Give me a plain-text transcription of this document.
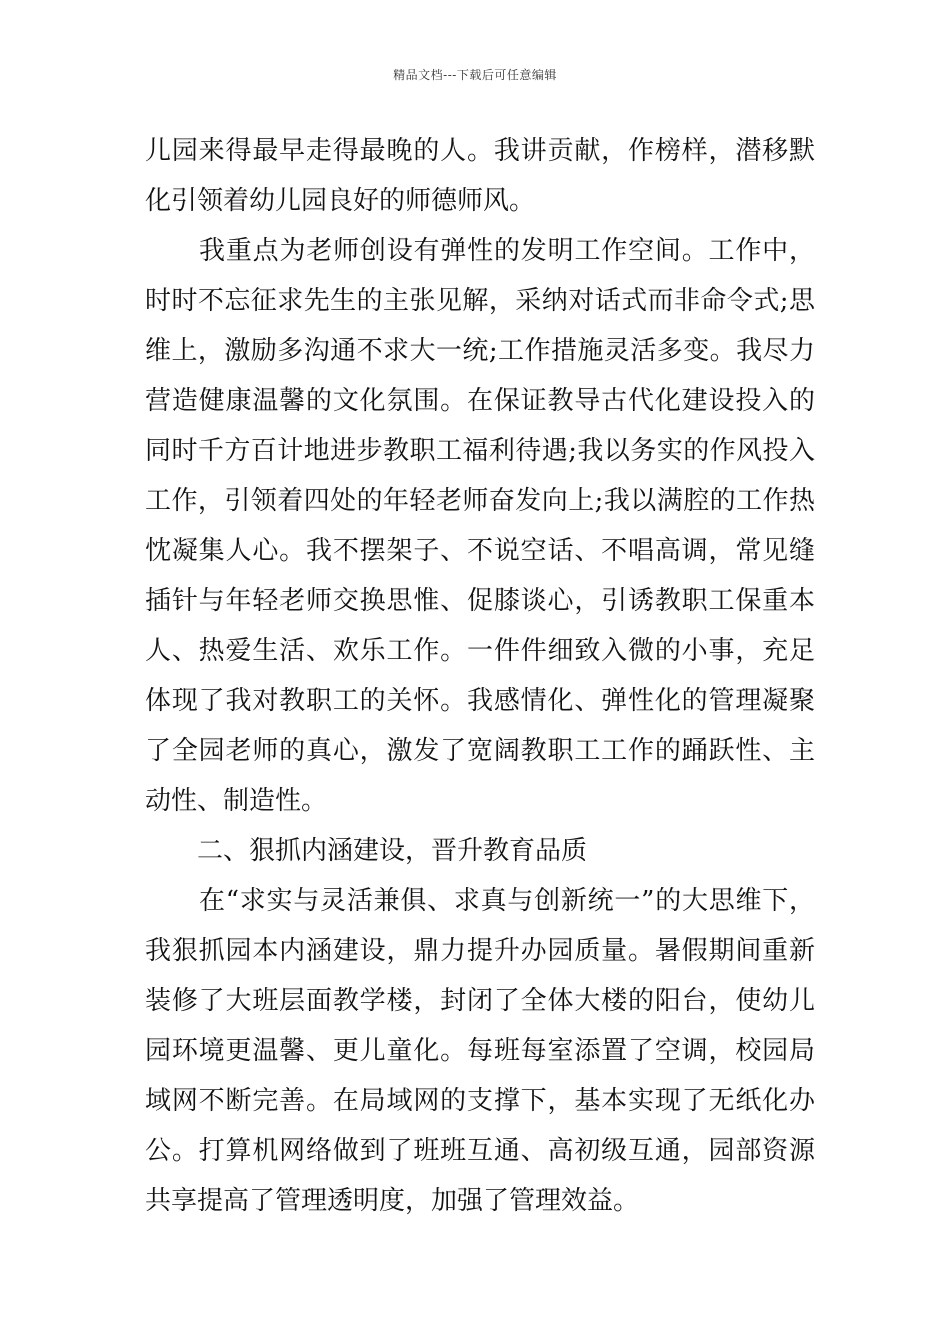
精品文档---下载后可任意编辑

儿园来得最早走得最晚的人。我讲贡献，作榜样，潜移默化引领着幼儿园良好的师德师风。

我重点为老师创设有弹性的发明工作空间。工作中，时时不忘征求先生的主张见解，采纳对话式而非命令式;思维上，激励多沟通不求大一统;工作措施灵活多变。我尽力营造健康温馨的文化氛围。在保证教导古代化建设投入的同时千方百计地进步教职工福利待遇;我以务实的作风投入工作，引领着四处的年轻老师奋发向上;我以满腔的工作热忱凝集人心。我不摆架子、不说空话、不唱高调，常见缝插针与年轻老师交换思惟、促膝谈心，引诱教职工保重本人、热爱生活、欢乐工作。一件件细致入微的小事，充足体现了我对教职工的关怀。我感情化、弹性化的管理凝聚了全园老师的真心，激发了宽阔教职工工作的踊跃性、主动性、制造性。

二、狠抓内涵建设，晋升教育品质

在“求实与灵活兼俱、求真与创新统一”的大思维下，我狠抓园本内涵建设，鼎力提升办园质量。暑假期间重新装修了大班层面教学楼，封闭了全体大楼的阳台，使幼儿园环境更温馨、更儿童化。每班每室添置了空调，校园局域网不断完善。在局域网的支撑下，基本实现了无纸化办公。打算机网络做到了班班互通、高初级互通，园部资源共享提高了管理透明度，加强了管理效益。
